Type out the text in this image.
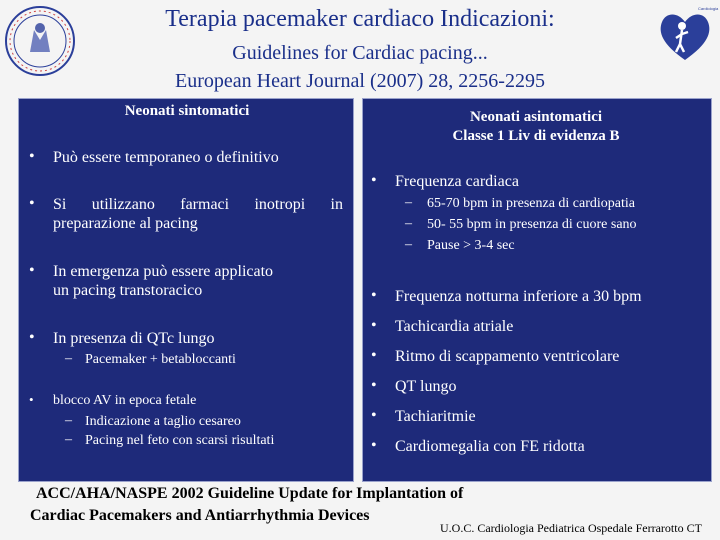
Cardiologia
Terapia pacemaker cardiaco Indicazioni:
Guidelines for Cardiac pacing...
European Heart Journal (2007) 28, 2256-2295
Neonati sintomatici
• Può essere temporaneo o definitivo
• Si utilizzano farmaci inotropi in
preparazione al pacing
• In emergenza può essere applicato
un pacing transtoracico
• In presenza di QTc lungo
– Pacemaker + betabloccanti
• blocco AV in epoca fetale
– Indicazione a taglio cesareo
– Pacing nel feto con scarsi risultati
Neonati asintomatici
Classe 1 Liv di evidenza B
• Frequenza cardiaca
– 65-70 bpm in presenza di cardiopatia
– 50- 55 bpm in presenza di cuore sano
– Pause > 3-4 sec
• Frequenza notturna inferiore a 30 bpm
• Tachicardia atriale
• Ritmo di scappamento ventricolare
• QT lungo
• Tachiaritmie
• Cardiomegalia con FE ridotta
ACC/AHA/NASPE 2002 Guideline Update for Implantation of
Cardiac Pacemakers and Antiarrhythmia Devices
U.O.C. Cardiologia Pediatrica Ospedale Ferrarotto CT
